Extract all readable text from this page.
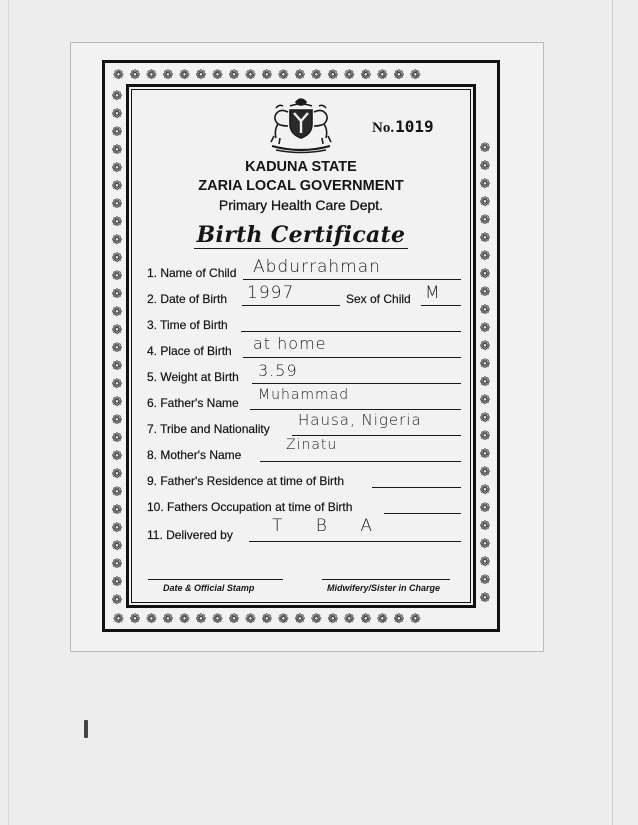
❁❁❁❁❁❁❁❁❁❁❁❁❁❁❁❁❁❁❁
❁❁❁❁❁❁❁❁❁❁❁❁❁❁❁❁❁❁❁
❁
❁
❁
❁
❁
❁
❁
❁
❁
❁
❁
❁
❁
❁
❁
❁
❁
❁
❁
❁
❁
❁
❁
❁
❁
❁
❁
❁
❁
❁
❁
❁
❁
❁
❁
❁
❁
❁
❁
❁
❁
❁
❁
❁
❁
❁
❁
❁
❁
❁
❁
❁
❁
❁
❁
No.1019
KADUNA STATE
ZARIA LOCAL GOVERNMENT
Primary Health Care Dept.
Birth Certificate
1. Name of Child Abdurrahman
2. Date of Birth 1997	Sex of Child M
3. Time of Birth
4. Place of Birth at home
5. Weight at Birth 3.59
6. Father's Name Muhammad
7. Tribe and Nationality Hausa, Nigeria
8. Mother's Name
Zinatu
9. Father's Residence at time of Birth
10. Fathers Occupation at time of Birth
11. Delivered by T B A
Date & Official Stamp	Midwifery/Sister in Charge
